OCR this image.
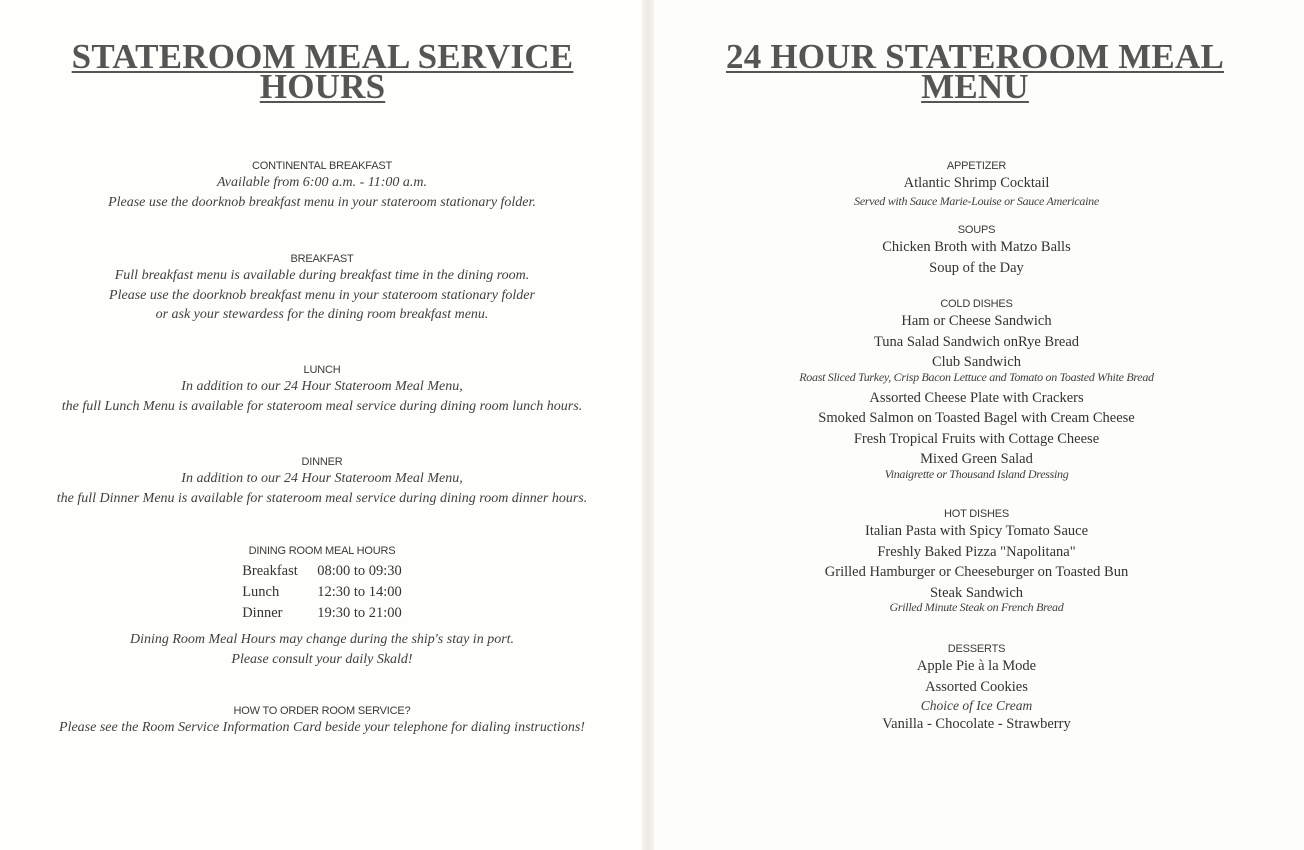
STATEROOM MEAL SERVICE
HOURS
CONTINENTAL BREAKFAST
Available from 6:00 a.m. - 11:00 a.m.
Please use the doorknob breakfast menu in your stateroom stationary folder.
BREAKFAST
Full breakfast menu is available during breakfast time in the dining room.
Please use the doorknob breakfast menu in your stateroom stationary folder
or ask your stewardess for the dining room breakfast menu.
LUNCH
In addition to our 24 Hour Stateroom Meal Menu,
the full Lunch Menu is available for stateroom meal service during dining room lunch hours.
DINNER
In addition to our 24 Hour Stateroom Meal Menu,
the full Dinner Menu is available for stateroom meal service during dining room dinner hours.
DINING ROOM MEAL HOURS
Breakfast	08:00 to 09:30
Lunch	12:30 to 14:00
Dinner	19:30 to 21:00
Dining Room Meal Hours may change during the ship's stay in port.
Please consult your daily Skald!
HOW TO ORDER ROOM SERVICE?
Please see the Room Service Information Card beside your telephone for dialing instructions!
24 HOUR STATEROOM MEAL
MENU
APPETIZER
Atlantic Shrimp Cocktail
Served with Sauce Marie-Louise or Sauce Americaine
SOUPS
Chicken Broth with Matzo Balls
Soup of the Day
COLD DISHES
Ham or Cheese Sandwich
Tuna Salad Sandwich onRye Bread
Club Sandwich
Roast Sliced Turkey, Crisp Bacon Lettuce and Tomato on Toasted White Bread
Assorted Cheese Plate with Crackers
Smoked Salmon on Toasted Bagel with Cream Cheese
Fresh Tropical Fruits with Cottage Cheese
Mixed Green Salad
Vinaigrette or Thousand Island Dressing
HOT DISHES
Italian Pasta with Spicy Tomato Sauce
Freshly Baked Pizza "Napolitana"
Grilled Hamburger or Cheeseburger on Toasted Bun
Steak Sandwich
Grilled Minute Steak on French Bread
DESSERTS
Apple Pie à la Mode
Assorted Cookies
Choice of Ice Cream
Vanilla - Chocolate - Strawberry
